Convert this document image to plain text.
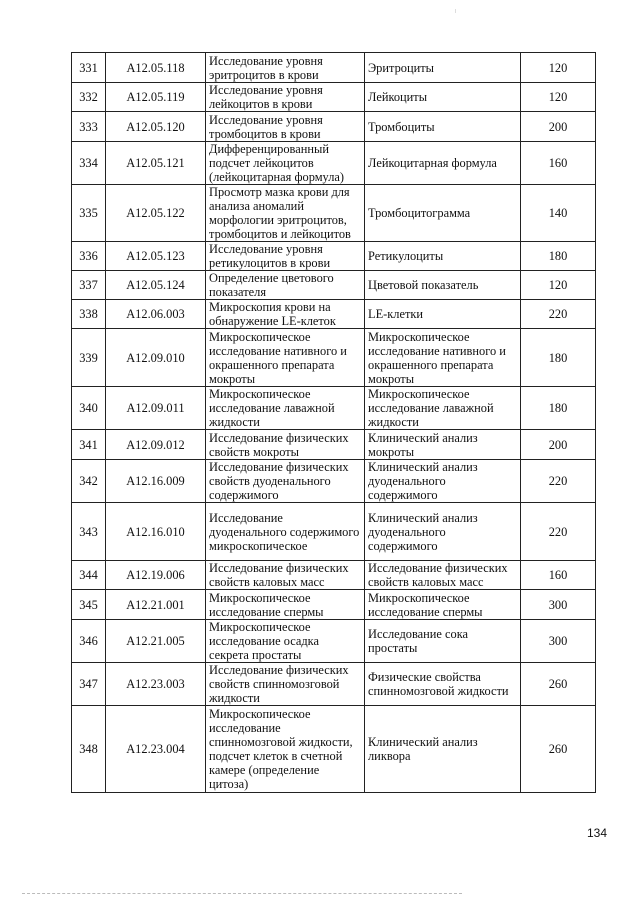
331	A12.05.118	Исследование уровня эритроцитов в крови	Эритроциты	120
332	A12.05.119	Исследование уровня лейкоцитов в крови	Лейкоциты	120
333	A12.05.120	Исследование уровня тромбоцитов в крови	Тромбоциты	200
334	A12.05.121	Дифференцированный подсчет лейкоцитов (лейкоцитарная формула)	Лейкоцитарная формула	160
335	A12.05.122	Просмотр мазка крови для анализа аномалий морфологии эритроцитов, тромбоцитов и лейкоцитов	Тромбоцитограмма	140
336	A12.05.123	Исследование уровня ретикулоцитов в крови	Ретикулоциты	180
337	A12.05.124	Определение цветового показателя	Цветовой показатель	120
338	A12.06.003	Микроскопия крови на обнаружение LE-клеток	LE-клетки	220
339	A12.09.010	Микроскопическое исследование нативного и окрашенного препарата мокроты	Микроскопическое исследование нативного и окрашенного препарата мокроты	180
340	A12.09.011	Микроскопическое исследование лаважной жидкости	Микроскопическое исследование лаважной жидкости	180
341	A12.09.012	Исследование физических свойств мокроты	Клинический анализ мокроты	200
342	A12.16.009	Исследование физических свойств дуоденального содержимого	Клинический анализ дуоденального содержимого	220
343	A12.16.010	Исследование дуоденального содержимого микроскопическое	Клинический анализ дуоденального содержимого	220
344	A12.19.006	Исследование физических свойств каловых масс	Исследование физических свойств каловых масс	160
345	A12.21.001	Микроскопическое исследование спермы	Микроскопическое исследование спермы	300
346	A12.21.005	Микроскопическое исследование осадка секрета простаты	Исследование сока простаты	300
347	A12.23.003	Исследование физических свойств спинномозговой жидкости	Физические свойства спинномозговой жидкости	260
348	A12.23.004	Микроскопическое исследование спинномозговой жидкости, подсчет клеток в счетной камере (определение цитоза)	Клинический анализ ликвора	260
134
